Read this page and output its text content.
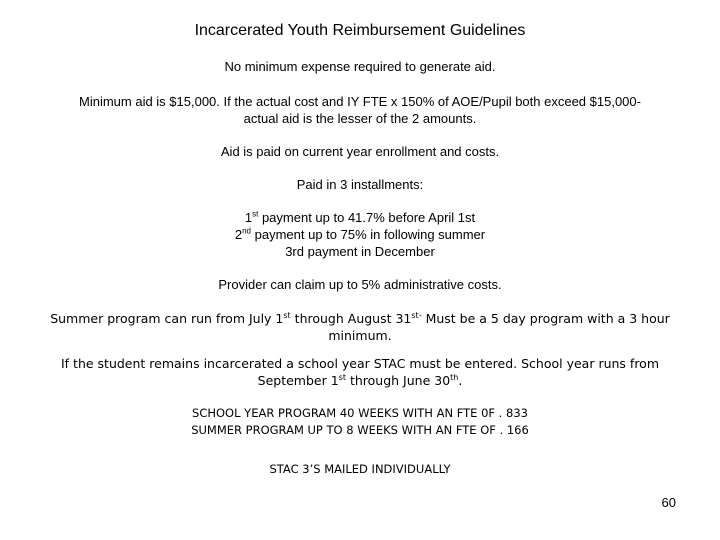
Incarcerated Youth Reimbursement Guidelines
No minimum expense required to generate aid.
Minimum aid is $15,000. If the actual cost and IY FTE x 150% of AOE/Pupil both exceed $15,000-
actual aid is the lesser of the 2 amounts.
Aid is paid on current year enrollment and costs.
Paid in 3 installments:
1st payment up to 41.7% before April 1st
2nd payment up to 75% in following summer
3rd payment in December
Provider can claim up to 5% administrative costs.
Summer program can run from July 1st through August $31^{st-}$ Must be a 5 day program with a 3 hour
minimum.
If the student remains incarcerated a school year STAC must be entered. School year runs from
September 1st through June 30th.
SCHOOL YEAR PROGRAM 40 WEEKS WITH AN FTE 0F . 833
SUMMER PROGRAM UP TO 8 WEEKS WITH AN FTE OF . 166
STAC 3’S MAILED INDIVIDUALLY
60
